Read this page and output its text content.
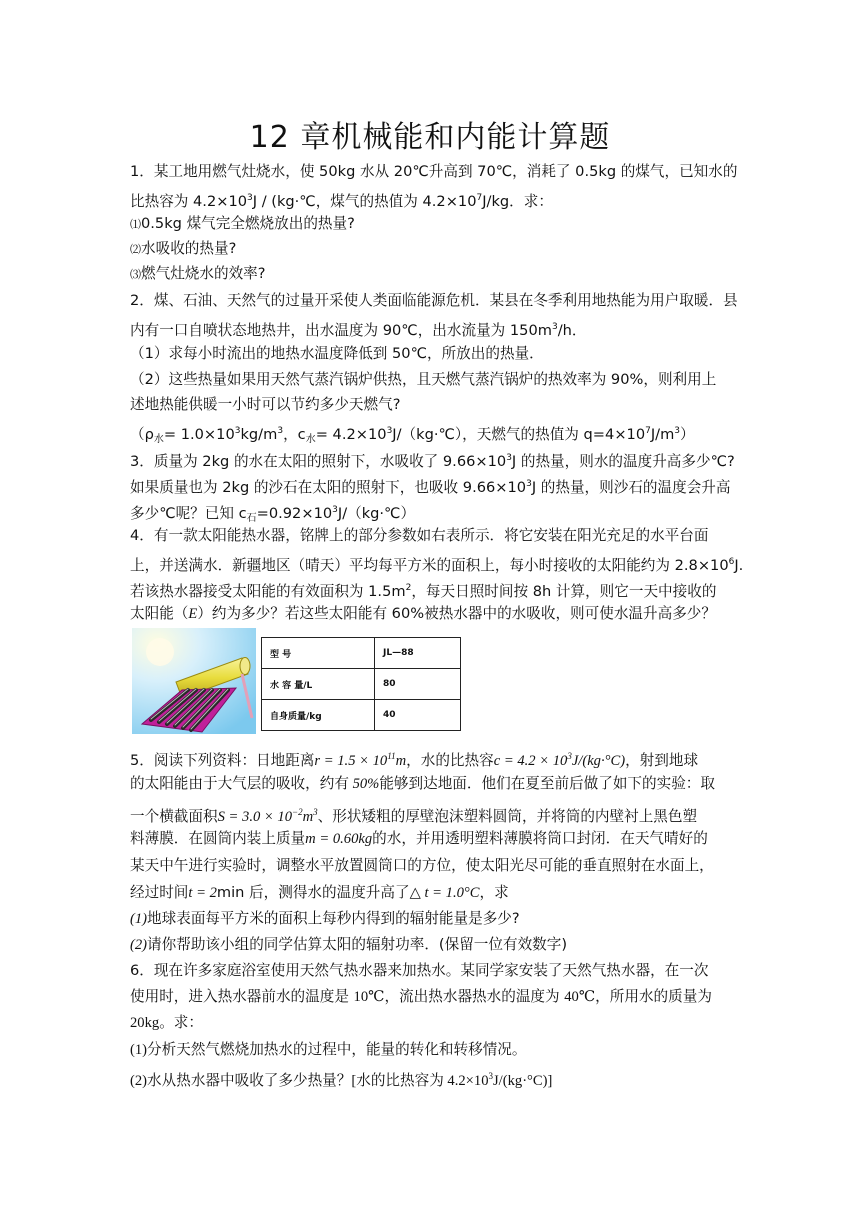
12 章机械能和内能计算题

1．某工地用燃气灶烧水，使 50kg 水从 20℃升高到 70℃，消耗了 0.5kg 的煤气，已知水的

比热容为 $4.2\times 10^3J$ / (kg·℃，煤气的热值为 $4.2\times 10^7J/kg$．求：

⑴0.5kg 煤气完全燃烧放出的热量?

⑵水吸收的热量?

⑶燃气灶烧水的效率?

2．煤、石油、天然气的过量开采使人类面临能源危机．某县在冬季利用地热能为用户取暖．县

内有一口自喷状态地热井，出水温度为 90℃，出水流量为 $150m^3/h$．

（1）求每小时流出的地热水温度降低到 50℃，所放出的热量．

（2）这些热量如果用天然气蒸汽锅炉供热，且天燃气蒸汽锅炉的热效率为 90%，则利用上

述地热能供暖一小时可以节约多少天燃气?

（$\rho_水= 1.0\times 10^3kg/m^3$，$c_水=$ $4.2\times 10^3J/(kg\cdot℃)$，天燃气的热值为 $q=4\times 10^7J/m^3$）

3．质量为 2kg 的水在太阳的照射下，水吸收了 $9.66\times 10^3J$ 的热量，则水的温度升高多少℃?

如果质量也为 2kg 的沙石在太阳的照射下，也吸收 $9.66\times 10^3J$ 的热量，则沙石的温度会升高

多少℃呢？已知 $c_石=0.92\times 10^3J/(kg\cdot℃)$

4．有一款太阳能热水器，铭牌上的部分参数如右表所示．将它安装在阳光充足的水平台面

上，并送满水．新疆地区（晴天）平均每平方米的面积上，每小时接收的太阳能约为 $2.8\times 10^6J$.

若该热水器接受太阳能的有效面积为 $1.5m^2$，每天日照时间按 8h 计算，则它一天中接收的

太阳能（E）约为多少？若这些太阳能有 60%被热水器中的水吸收，则可使水温升高多少？

型 号	JL—88
水 容 量/L	80
自身质量/kg	40

5．阅读下列资料：日地距离$r = 1.5 \times 10^{11}m$，水的比热容$c = 4.2 \times 10^3J/(kg\cdot^\circ C)$，射到地球

的太阳能由于大气层的吸收，约有 50%能够到达地面．他们在夏至前后做了如下的实验：取

一个横截面积$S = 3.0 \times 10^{-2}m^3$、形状矮粗的厚壁泡沫塑料圆筒，并将筒的内壁衬上黑色塑

料薄膜．在圆筒内装上质量m = 0.60kg的水，并用透明塑料薄膜将筒口封闭．在天气晴好的

某天中午进行实验时，调整水平放置圆筒口的方位，使太阳光尽可能的垂直照射在水面上，

经过时间t = 2min 后，测得水的温度升高了△ t = 1.0°C，求

(1)地球表面每平方米的面积上每秒内得到的辐射能量是多少?

(2)请你帮助该小组的同学估算太阳的辐射功率．(保留一位有效数字)

6．现在许多家庭浴室使用天然气热水器来加热水。某同学家安装了天然气热水器，在一次

使用时，进入热水器前水的温度是 10℃，流出热水器热水的温度为 40℃，所用水的质量为

20kg。求：

(1)分析天然气燃烧加热水的过程中，能量的转化和转移情况。

(2)水从热水器中吸收了多少热量？[水的比热容为 $4.2\times 10^3J/(kg\cdot^\circ C)$]
